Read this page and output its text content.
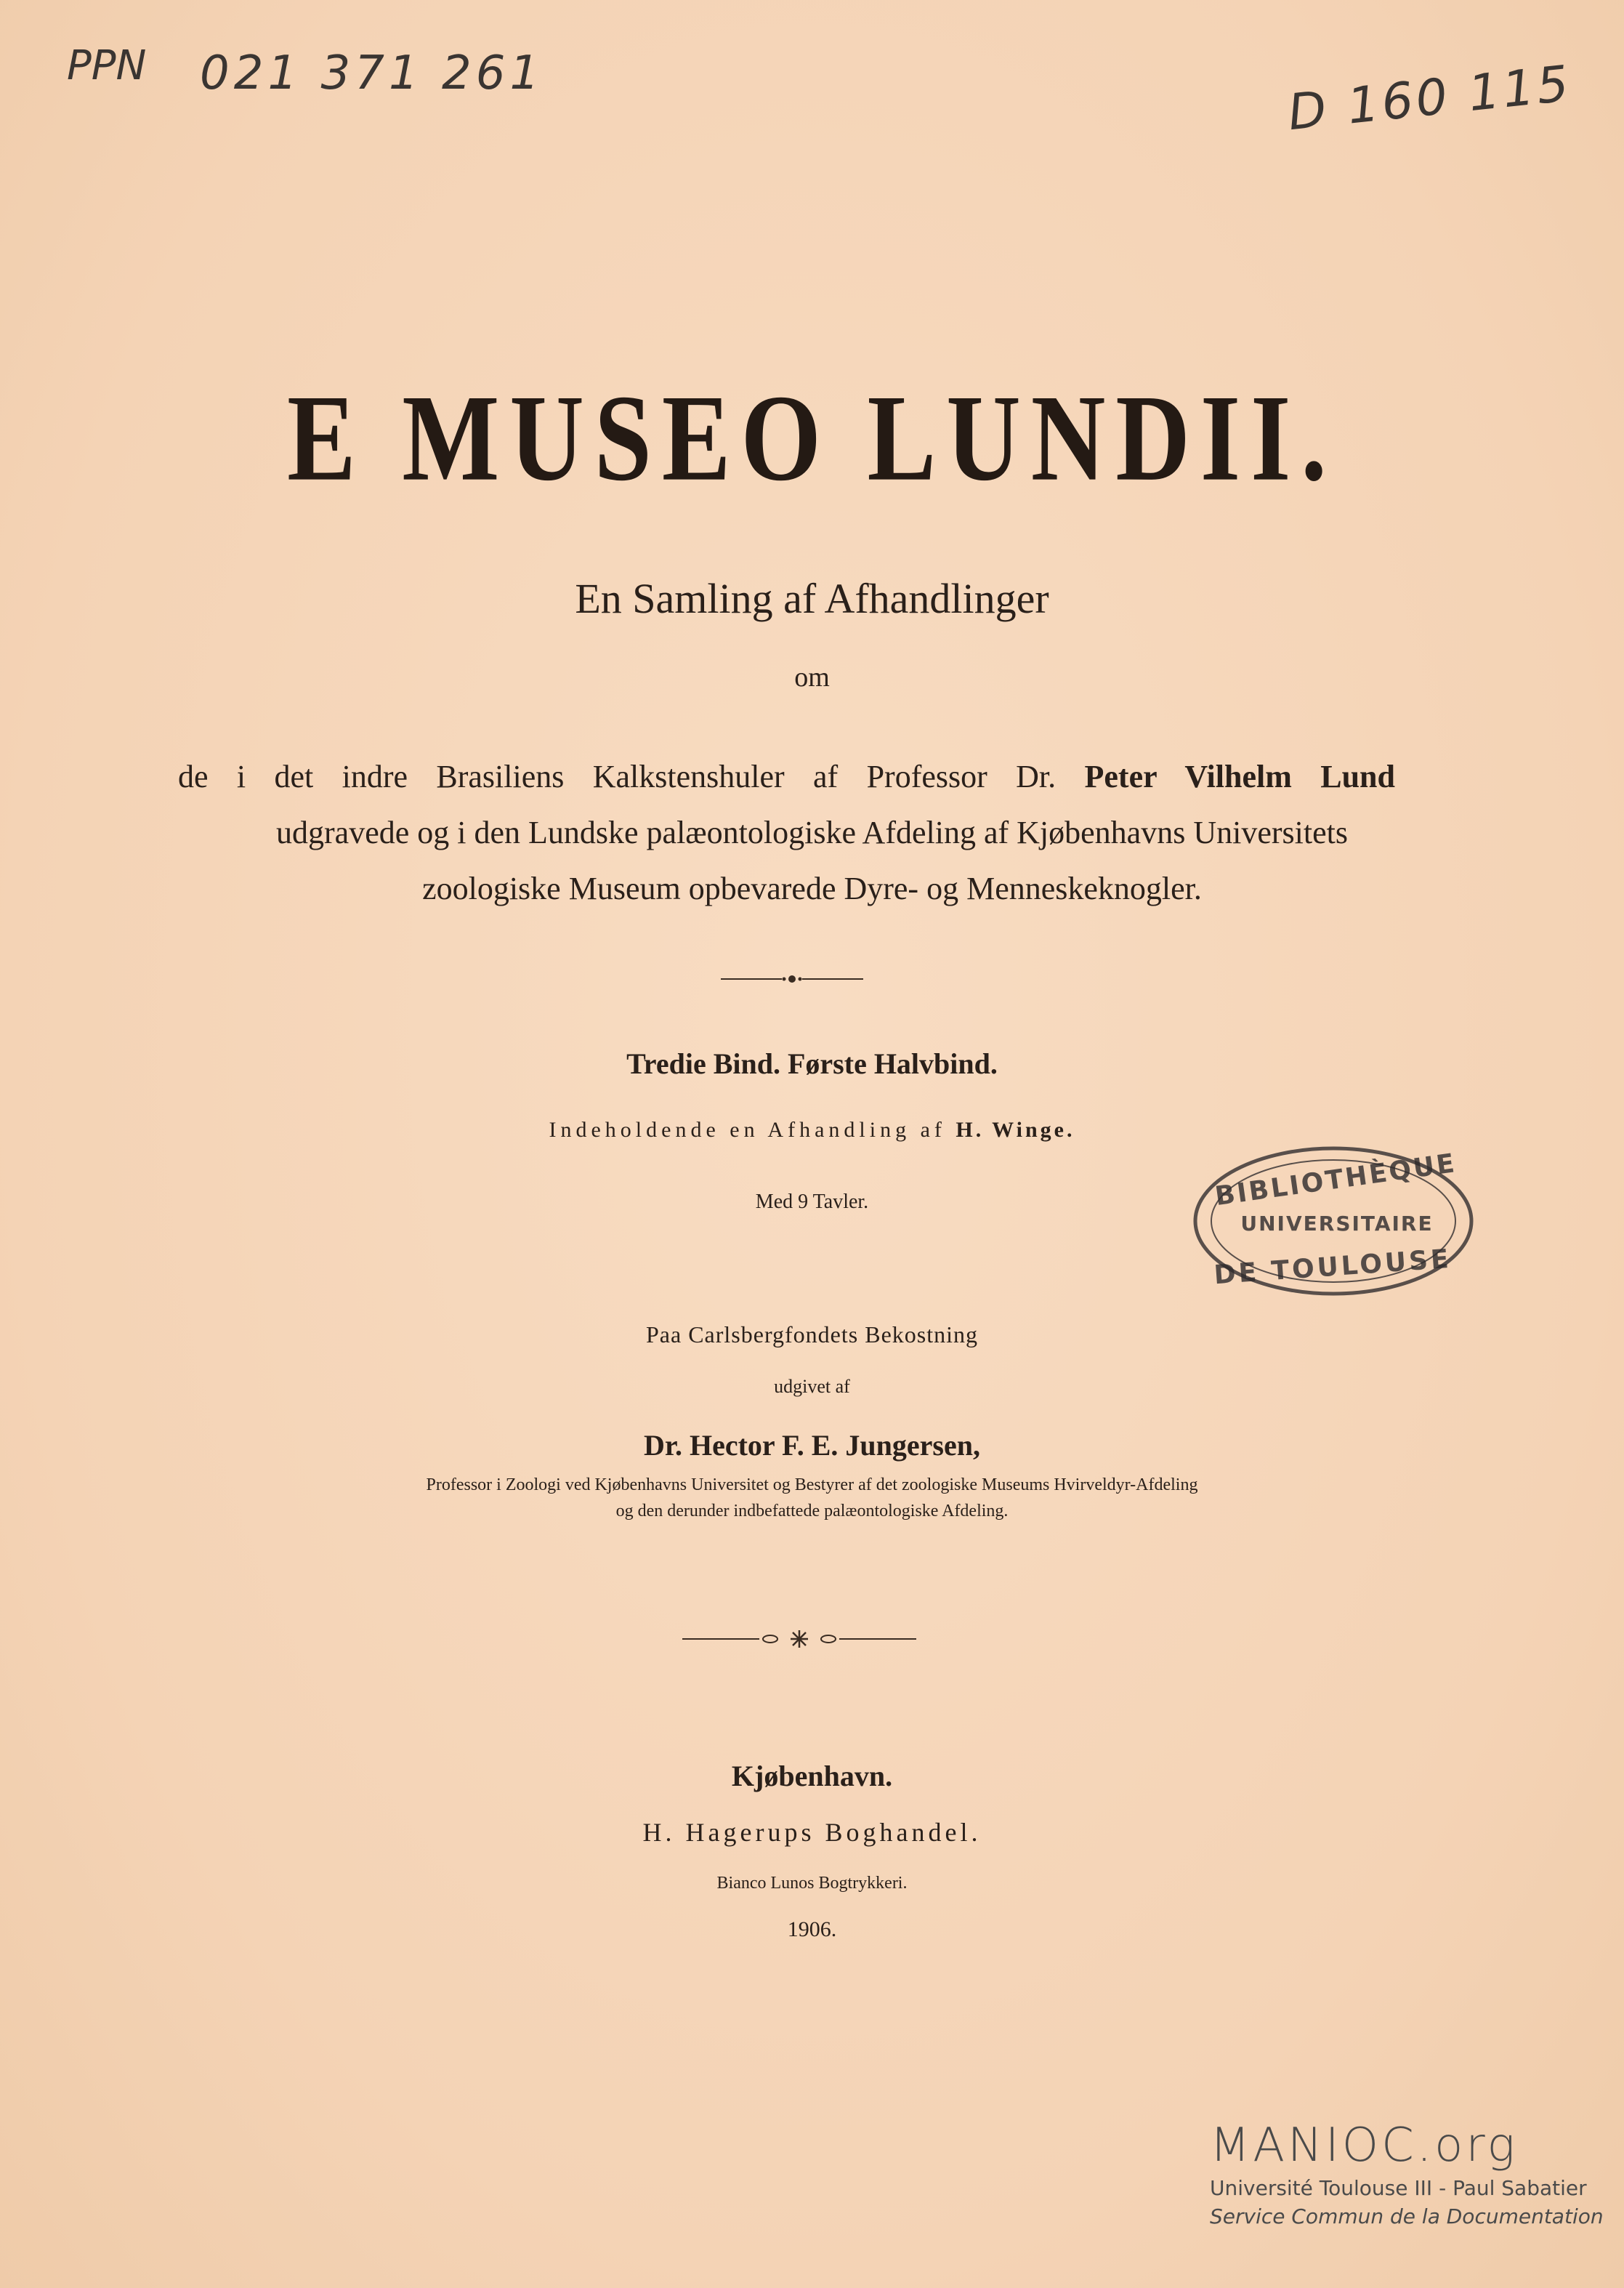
PPN 021 371 261	D 160 115
E MUSEO LUNDII.
En Samling af Afhandlinger
om
de i det indre Brasiliens Kalkstenshuler af Professor Dr. Peter Vilhelm Lund
udgravede og i den Lundske palæontologiske Afdeling af Kjøbenhavns Universitets
zoologiske Museum opbevarede Dyre- og Menneskeknogler.
Tredie Bind. Første Halvbind.
Indeholdende en Afhandling af H. Winge.
Med 9 Tavler.	BIBLIOTHÈQUE
UNIVERSITAIRE
DE TOULOUSE
Paa Carlsbergfondets Bekostning
udgivet af
Dr. Hector F. E. Jungersen,
Professor i Zoologi ved Kjøbenhavns Universitet og Bestyrer af det zoologiske Museums Hvirveldyr-Afdeling
og den derunder indbefattede palæontologiske Afdeling.
Kjøbenhavn.
H. Hagerups Boghandel.
Bianco Lunos Bogtrykkeri.
1906.
MANIOC.org
Université Toulouse III - Paul Sabatier
Service Commun de la Documentation
